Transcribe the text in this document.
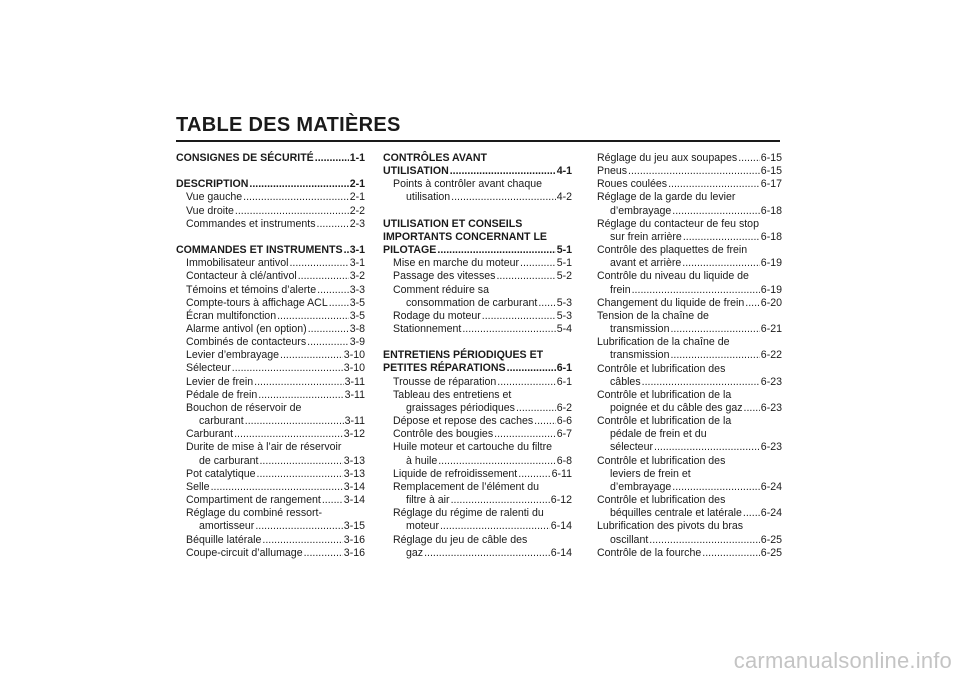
TABLE DES MATIÈRES
CONSIGNES DE SÉCURITÉ .....	1-1
DESCRIPTION .....	2-1
Vue gauche .....	2-1
Vue droite .....	2-2
Commandes et instruments .....	2-3
COMMANDES ET INSTRUMENTS ..... 3-1
Immobilisateur antivol .....	3-1
Contacteur à clé/antivol .....	3-2
Témoins et témoins d’alerte .....	3-3
Compte-tours à affichage ACL ..... 3-5
Écran multifonction .....	3-5
Alarme antivol (en option) .....	3-8
Combinés de contacteurs .....	3-9
Levier d’embrayage .....	3-10
Sélecteur .....	3-10
Levier de frein .....	3-11
Pédale de frein .....	3-11
Bouchon de réservoir de
carburant .....	3-11
Carburant .....	3-12
Durite de mise à l’air de réservoir
de carburant .....	3-13
Pot catalytique .....	3-13
Selle .....	3-14
Compartiment de rangement ..... 3-14
Réglage du combiné ressort-
amortisseur .....	3-15
Béquille latérale .....	3-16
Coupe-circuit d’allumage .....	3-16
CONTRÔLES AVANT
UTILISATION .....	4-1
Points à contrôler avant chaque
utilisation .....	4-2
UTILISATION ET CONSEILS
IMPORTANTS CONCERNANT LE
PILOTAGE .....	5-1
Mise en marche du moteur .....	5-1
Passage des vitesses .....	5-2
Comment réduire sa
consommation de carburant ..... 5-3
Rodage du moteur .....	5-3
Stationnement .....	5-4
ENTRETIENS PÉRIODIQUES ET
PETITES RÉPARATIONS .....	6-1
Trousse de réparation .....	6-1
Tableau des entretiens et
graissages périodiques .....	6-2
Dépose et repose des caches ..... 6-6
Contrôle des bougies .....	6-7
Huile moteur et cartouche du filtre
à huile .....	6-8
Liquide de refroidissement .....	6-11
Remplacement de l’élément du
filtre à air .....	6-12
Réglage du régime de ralenti du
moteur .....	6-14
Réglage du jeu de câble des
gaz .....	6-14
Réglage du jeu aux soupapes ..... 6-15
Pneus .....	6-15
Roues coulées .....	6-17
Réglage de la garde du levier
d’embrayage .....	6-18
Réglage du contacteur de feu stop
sur frein arrière .....	6-18
Contrôle des plaquettes de frein
avant et arrière .....	6-19
Contrôle du niveau du liquide de
frein .....	6-19
Changement du liquide de frein ..... 6-20
Tension de la chaîne de
transmission .....	6-21
Lubrification de la chaîne de
transmission .....	6-22
Contrôle et lubrification des
câbles .....	6-23
Contrôle et lubrification de la
poignée et du câble des gaz ..... 6-23
Contrôle et lubrification de la
pédale de frein et du
sélecteur .....	6-23
Contrôle et lubrification des
leviers de frein et
d’embrayage .....	6-24
Contrôle et lubrification des
béquilles centrale et latérale ..... 6-24
Lubrification des pivots du bras
oscillant .....	6-25
Contrôle de la fourche .....	6-25
carmanualsonline.info
